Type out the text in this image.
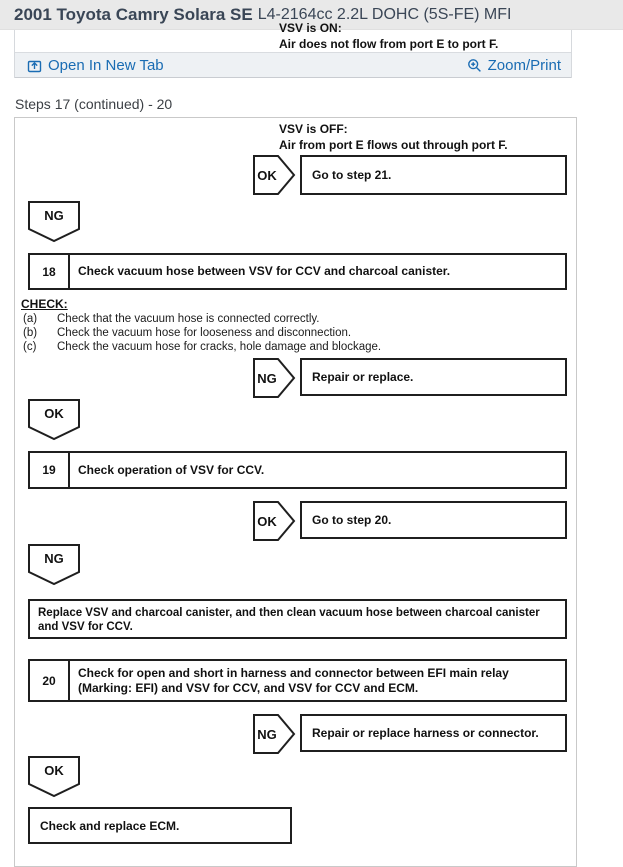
2001 Toyota Camry Solara SE L4-2164cc 2.2L DOHC (5S-FE) MFI
VSV is ON:
Air does not flow from port E to port F.
Open In New Tab	Zoom/Print
Steps 17 (continued) - 20
VSV is OFF:
Air from port E flows out through port F.
OK	Go to step 21.
NG
18	Check vacuum hose between VSV for CCV and charcoal canister.
CHECK:
(a)	Check that the vacuum hose is connected correctly.
(b)	Check the vacuum hose for looseness and disconnection.
(c)	Check the vacuum hose for cracks, hole damage and blockage.
NG	Repair or replace.
OK
19	Check operation of VSV for CCV.
OK	Go to step 20.
NG
Replace VSV and charcoal canister, and then clean vacuum hose between charcoal canister and VSV for CCV.
20
Check for open and short in harness and connector between EFI main relay (Marking: EFI) and VSV for CCV, and VSV for CCV and ECM.
NG	Repair or replace harness or connector.
OK
Check and replace ECM.
